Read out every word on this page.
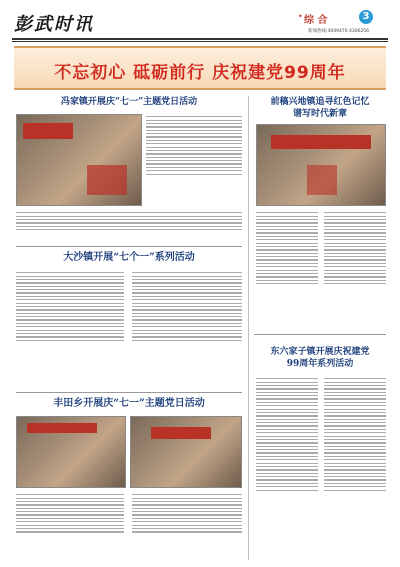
彭武时讯	• 综 合	3
新闻热线:4049470 4306256
不忘初心 砥砺前行 庆祝建党99周年
冯家镇开展庆“七一”主题党日活动
大沙镇开展“七个一”系列活动
丰田乡开展庆“七一”主题党日活动
前稿兴地镇追寻红色记忆
谱写时代新章
东六家子镇开展庆祝建党
99周年系列活动
